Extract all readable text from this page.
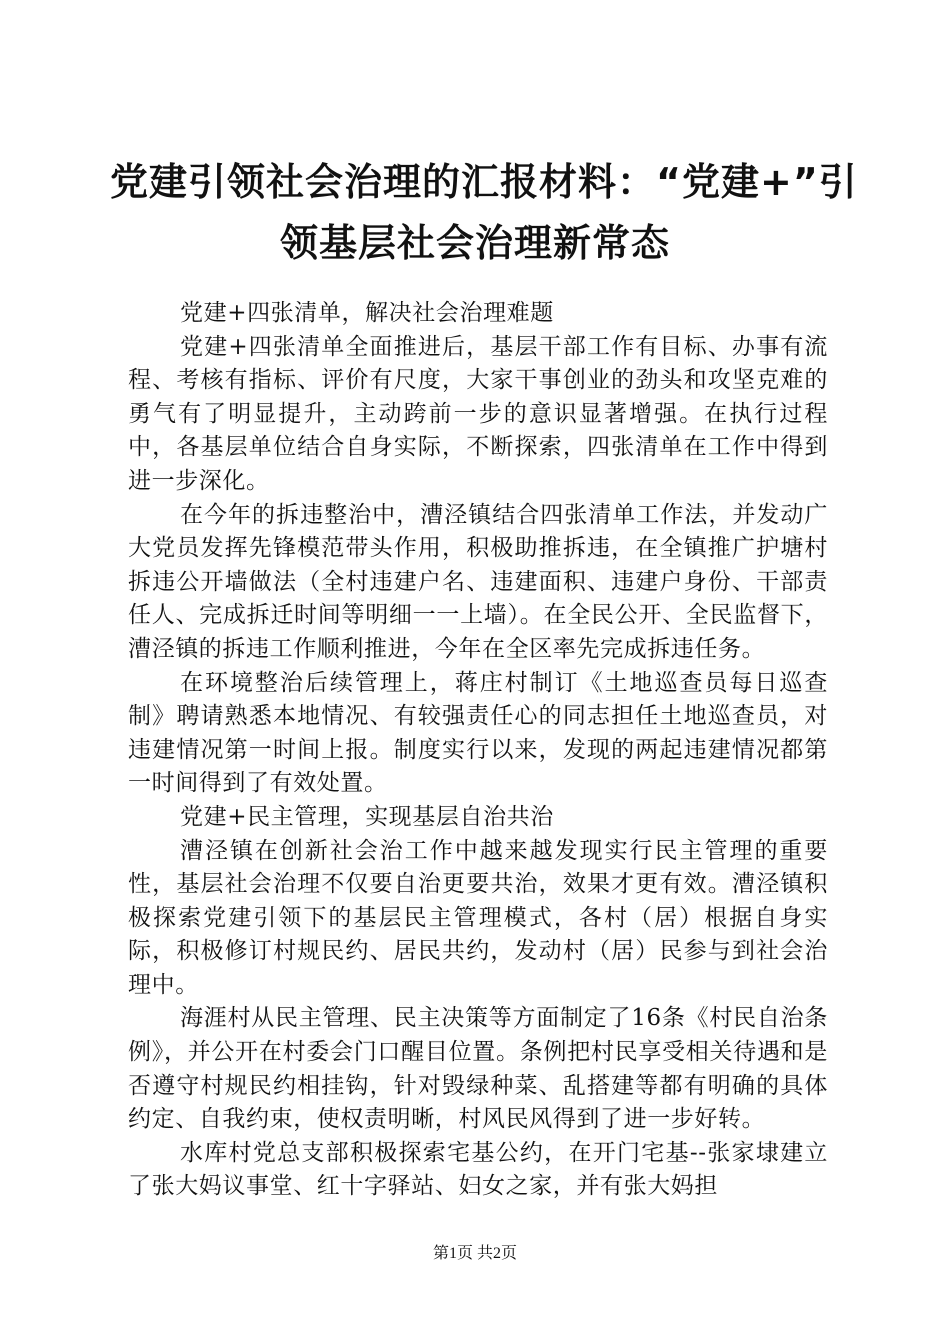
党建引领社会治理的汇报材料：“党建+”引
领基层社会治理新常态

党建+四张清单，解决社会治理难题

党建+四张清单全面推进后，基层干部工作有目标、办事有流程、考核有指标、评价有尺度，大家干事创业的劲头和攻坚克难的勇气有了明显提升，主动跨前一步的意识显著增强。在执行过程中，各基层单位结合自身实际，不断探索，四张清单在工作中得到进一步深化。

在今年的拆违整治中，漕泾镇结合四张清单工作法，并发动广大党员发挥先锋模范带头作用，积极助推拆违，在全镇推广护塘村拆违公开墙做法（全村违建户名、违建面积、违建户身份、干部责任人、完成拆迁时间等明细一一上墙）。在全民公开、全民监督下，漕泾镇的拆违工作顺利推进，今年在全区率先完成拆违任务。

在环境整治后续管理上，蒋庄村制订《土地巡查员每日巡查制》聘请熟悉本地情况、有较强责任心的同志担任土地巡查员，对违建情况第一时间上报。制度实行以来，发现的两起违建情况都第一时间得到了有效处置。

党建+民主管理，实现基层自治共治

漕泾镇在创新社会治工作中越来越发现实行民主管理的重要性，基层社会治理不仅要自治更要共治，效果才更有效。漕泾镇积极探索党建引领下的基层民主管理模式，各村（居）根据自身实际，积极修订村规民约、居民共约，发动村（居）民参与到社会治理中。

海涯村从民主管理、民主决策等方面制定了16条《村民自治条例》，并公开在村委会门口醒目位置。条例把村民享受相关待遇和是否遵守村规民约相挂钩，针对毁绿种菜、乱搭建等都有明确的具体约定、自我约束，使权责明晰，村风民风得到了进一步好转。

水库村党总支部积极探索宅基公约，在开门宅基--张家埭建立了张大妈议事堂、红十字驿站、妇女之家，并有张大妈担

第1页 共2页
